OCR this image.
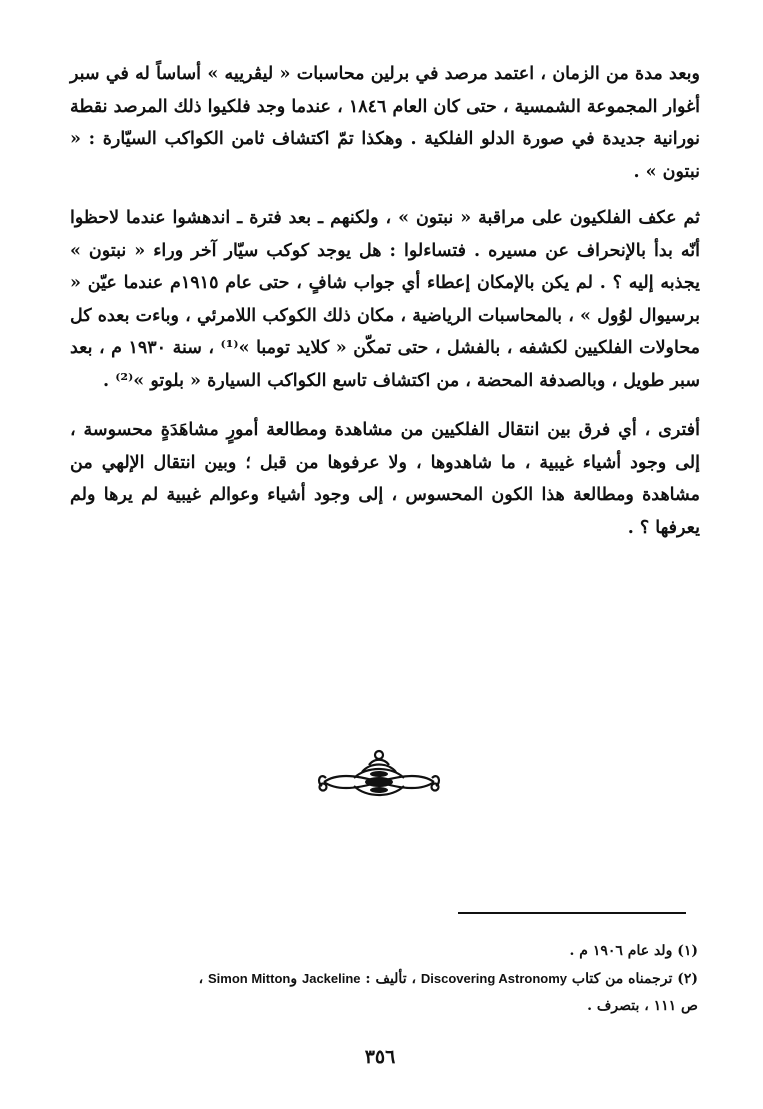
وبعد مدة من الزمان ، اعتمد مرصد في برلين محاسبات « ليڤرييه » أساساً له في سبر أغوار المجموعة الشمسية ، حتى كان العام ١٨٤٦ ، عندما وجد فلكيوا ذلك المرصد نقطة نورانية جديدة في صورة الدلو الفلكية . وهكذا تمّ اكتشاف ثامن الكواكب السيّارة : « نبتون » .

ثم عكف الفلكيون على مراقبة « نبتون » ، ولكنهم ـ بعد فترة ـ اندهشوا عندما لاحظوا أنّه بدأ بالإنحراف عن مسيره . فتساءلوا : هل يوجد كوكب سيّار آخر وراء « نبتون » يجذبه إليه ؟ . لم يكن بالإمكان إعطاء أي جواب شافٍ ، حتى عام ١٩١٥م عندما عيّن « برسيوال لوُول » ، بالمحاسبات الرياضية ، مكان ذلك الكوكب اللامرئي ، وباءت بعده كل محاولات الفلكيين لكشفه ، بالفشل ، حتى تمكّن « كلايد تومبا »⁽¹⁾ ، سنة ١٩٣٠ م ، بعد سبر طويل ، وبالصدفة المحضة ، من اكتشاف تاسع الكواكب السيارة « بلوتو »⁽²⁾ .

أفترى ، أي فرق بين انتقال الفلكيين من مشاهدة ومطالعة أمورٍ مشاهَدَةٍ محسوسة ، إلى وجود أشياء غيبية ، ما شاهدوها ، ولا عرفوها من قبل ؛ وبين انتقال الإلهي من مشاهدة ومطالعة هذا الكون المحسوس ، إلى وجود أشياء وعوالم غيبية لم يرها ولم يعرفها ؟ .

(١) ولد عام ١٩٠٦ م .

(٢) ترجمناه من كتاب Discovering Astronomy ، تأليف : Jackeline وSimon Mitton ،

ص ١١١ ، بتصرف .

٣٥٦
